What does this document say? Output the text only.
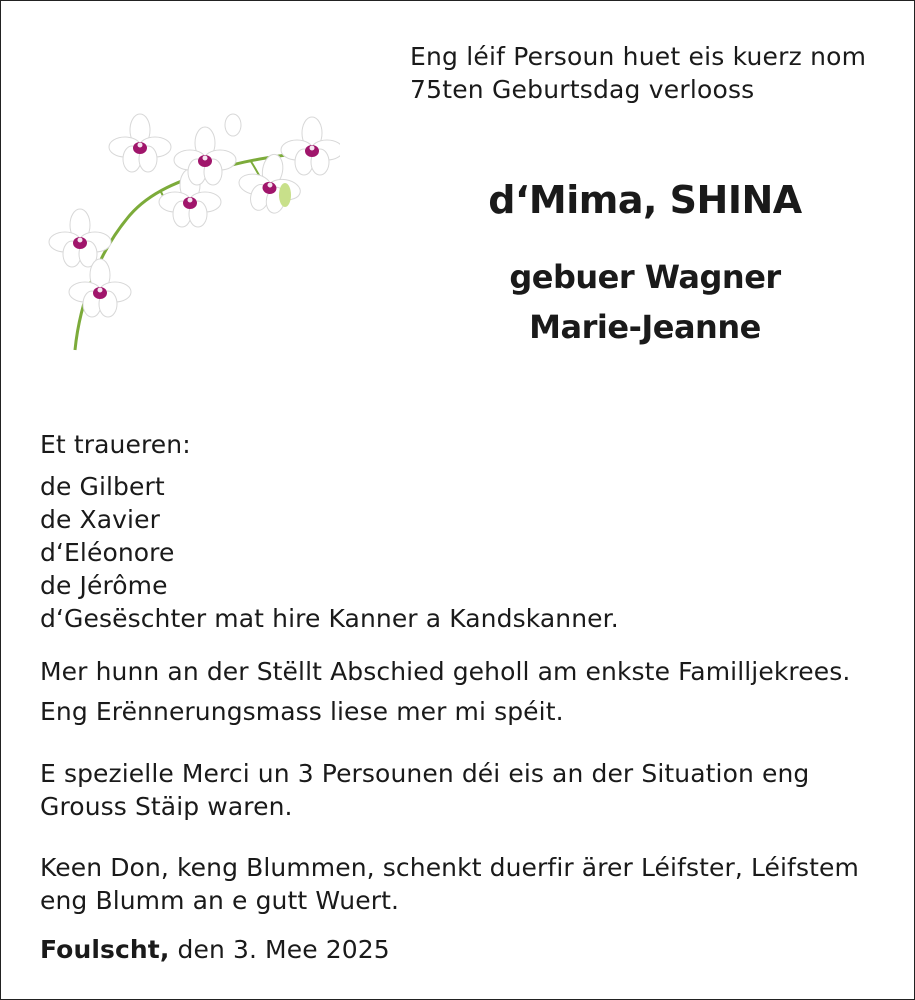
Eng léif Persoun huet eis kuerz nom
75ten Geburtsdag verlooss
d‘Mima, SHINA
gebuer Wagner
Marie-Jeanne
Et traueren:
de Gilbert
de Xavier
d‘Eléonore
de Jérôme
d‘Gesëschter mat hire Kanner a Kandskanner.
Mer hunn an der Stëllt Abschied geholl am enkste Familljekrees.
Eng Erënnerungsmass liese mer mi spéit.
E spezielle Merci un 3 Persounen déi eis an der Situation eng
Grouss Stäip waren.
Keen Don, keng Blummen, schenkt duerfir ärer Léifster, Léifstem
eng Blumm an e gutt Wuert.
Foulscht, den 3. Mee 2025
